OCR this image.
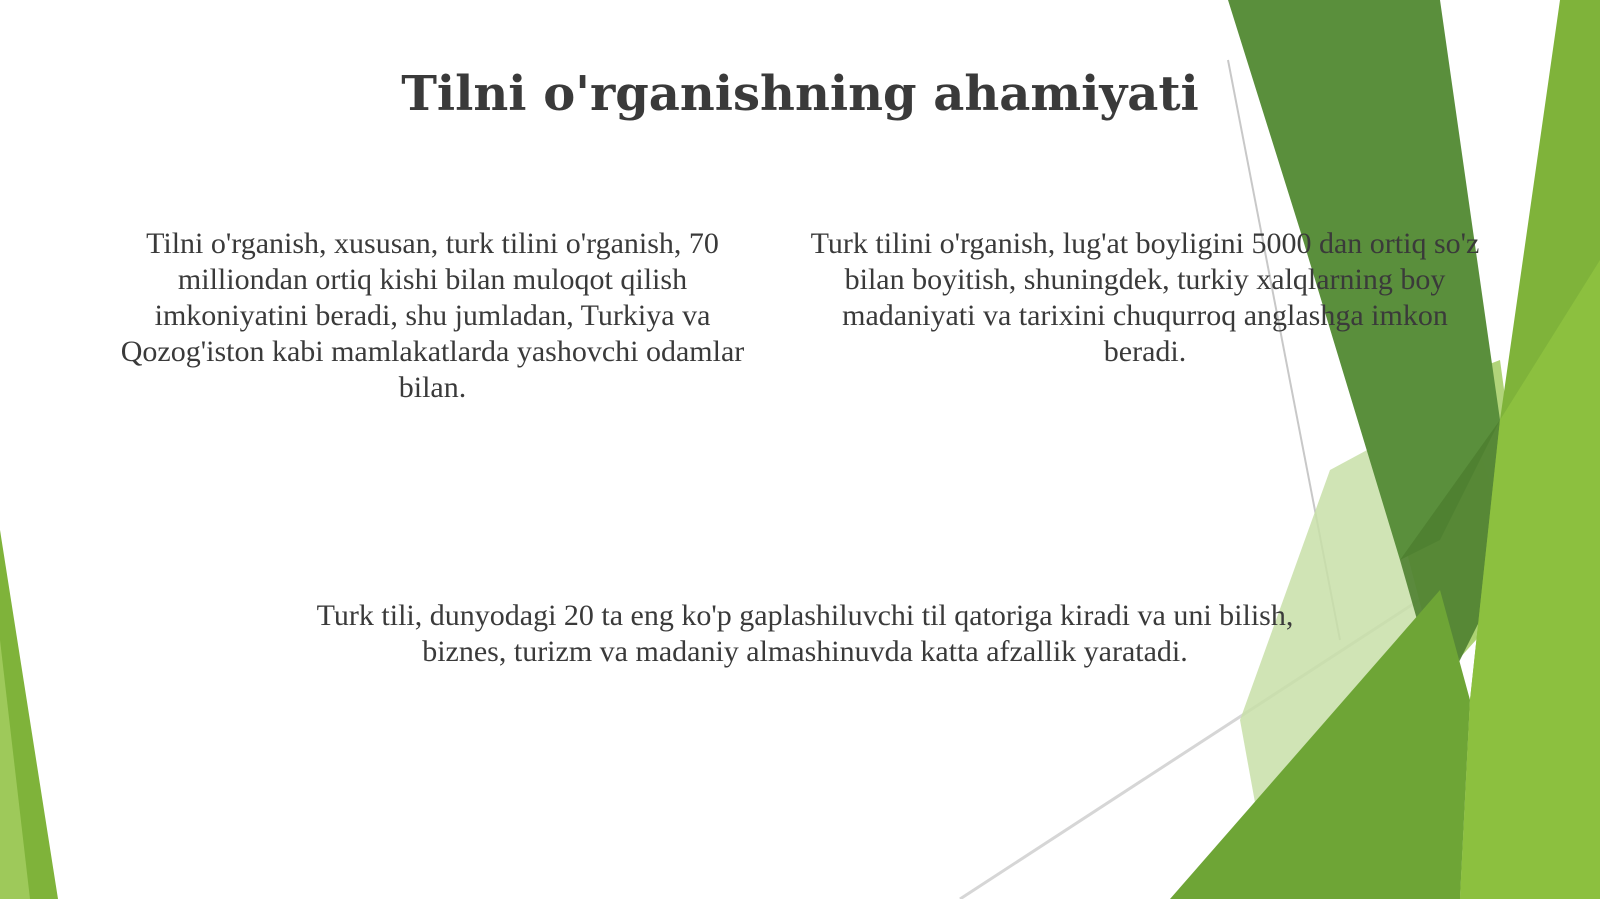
Tilni o'rganishning ahamiyati

Tilni o'rganish, xususan, turk tilini o'rganish, 70 milliondan ortiq kishi bilan muloqot qilish imkoniyatini beradi, shu jumladan, Turkiya va Qozog'iston kabi mamlakatlarda yashovchi odamlar bilan.

Turk tilini o'rganish, lug'at boyligini 5000 dan ortiq so'z bilan boyitish, shuningdek, turkiy xalqlarning boy madaniyati va tarixini chuqurroq anglashga imkon beradi.

Turk tili, dunyodagi 20 ta eng ko'p gaplashiluvchi til qatoriga kiradi va uni bilish, biznes, turizm va madaniy almashinuvda katta afzallik yaratadi.
